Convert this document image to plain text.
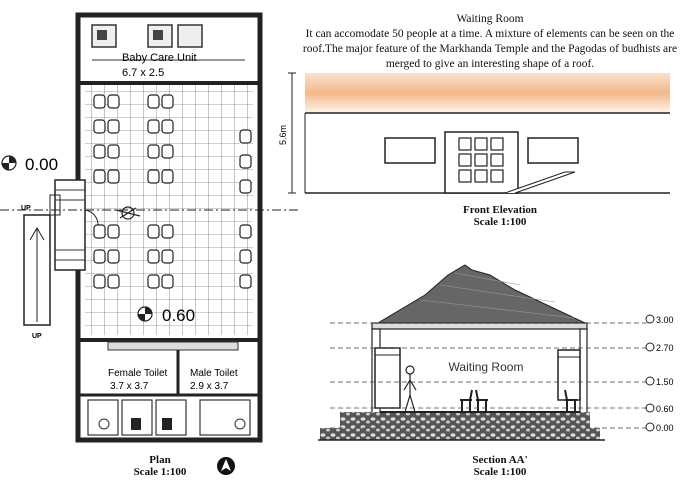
Waiting Room
It can accomodate 50 people at a time. A mixture of elements can be seen on the roof.The major feature of the Markhanda Temple and the Pagodas of budhists are merged to give an interesting shape of a roof.
Baby Care Unit
6.7 x 2.5
Female Toilet
3.7 x 3.7
Male Toilet
2.9 x 3.7
0.00
0.60
UP
UP
5.6m
Waiting Room
3.00
2.70
1.50
0.60
0.00
Plan
Scale 1:100
Front Elevation
Scale 1:100
Section AA'
Scale 1:100
